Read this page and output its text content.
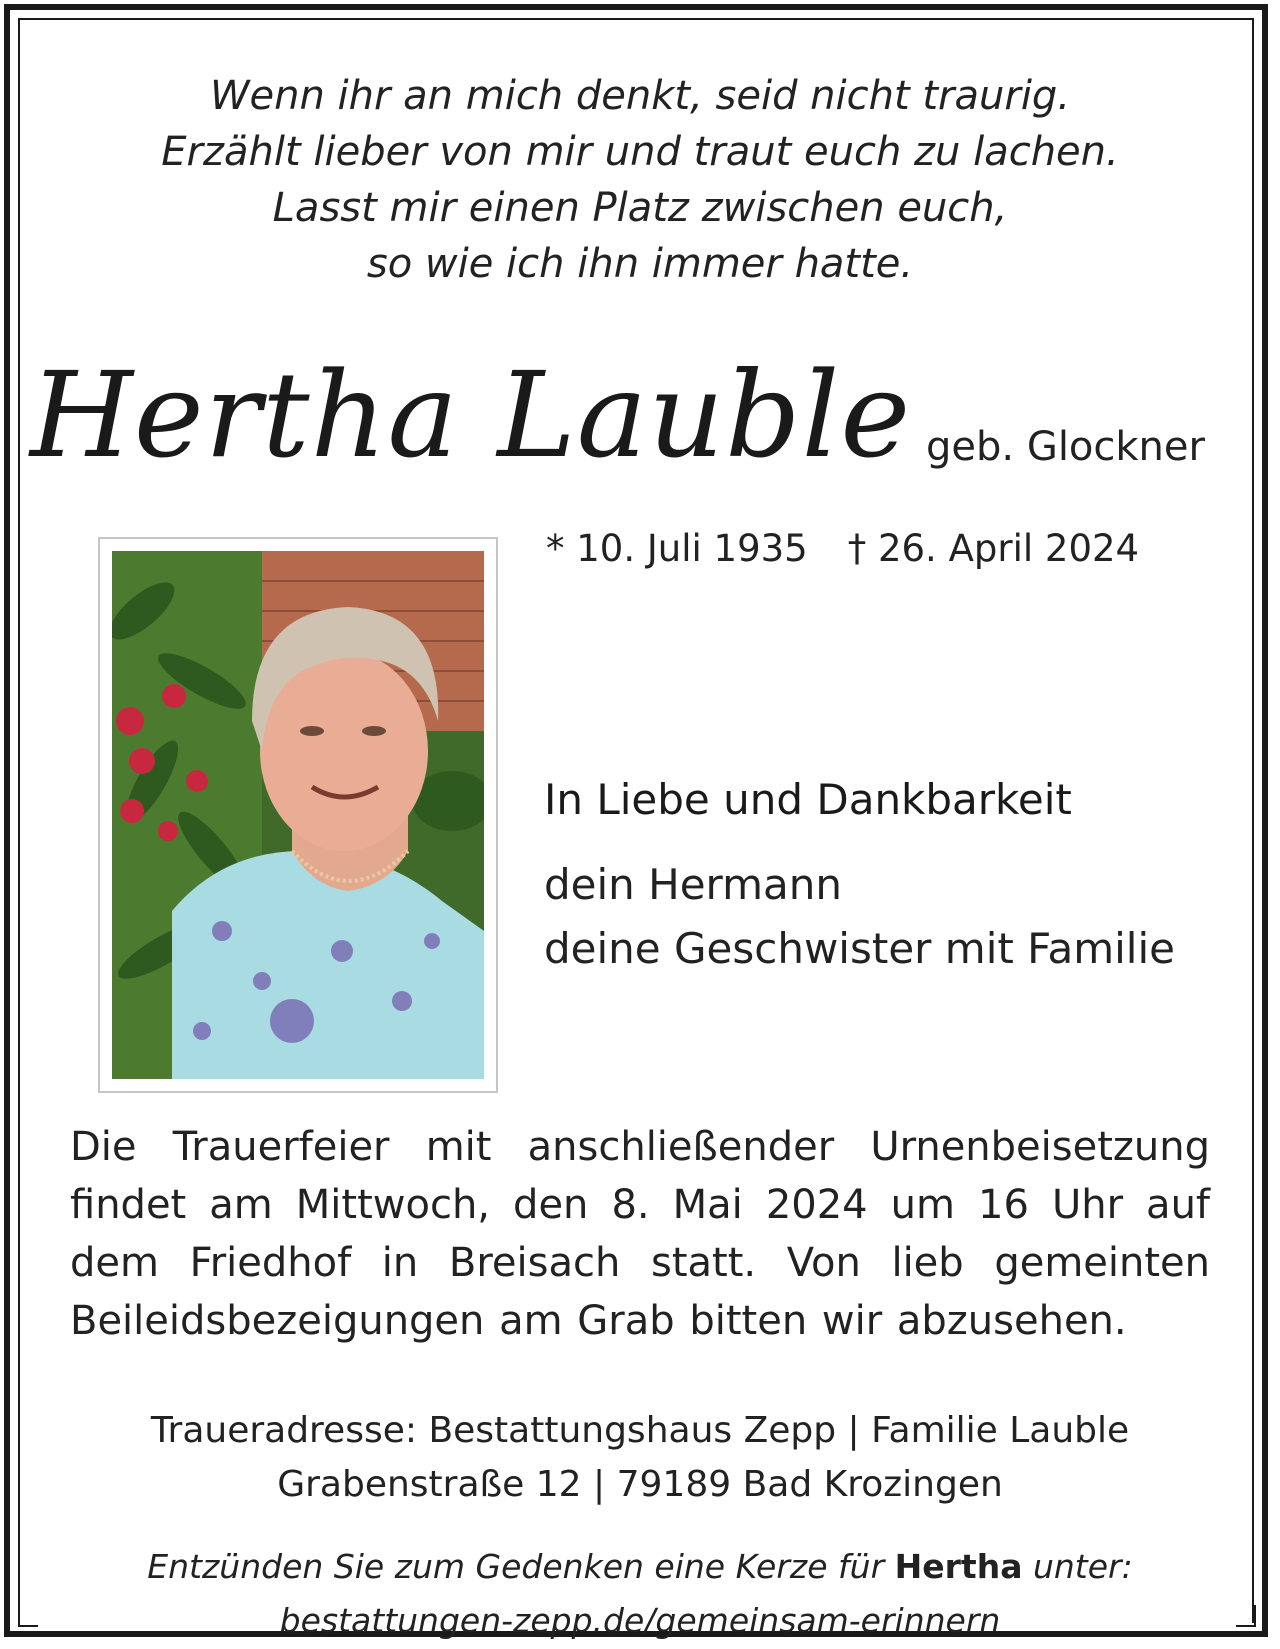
Wenn ihr an mich denkt, seid nicht traurig.
Erzählt lieber von mir und traut euch zu lachen.
Lasst mir einen Platz zwischen euch,
so wie ich ihn immer hatte.
Hertha Lauble geb. Glockner
* 10. Juli 1935 † 26. April 2024
In Liebe und Dankbarkeit
dein Hermann
deine Geschwister mit Familie
Die Trauerfeier mit anschließender Urnenbeisetzung findet am Mittwoch, den 8. Mai 2024 um 16 Uhr auf dem Friedhof in Breisach statt. Von lieb gemeinten Beileidsbezeigungen am Grab bitten wir abzusehen.
Traueradresse: Bestattungshaus Zepp | Familie Lauble
Grabenstraße 12 | 79189 Bad Krozingen
Entzünden Sie zum Gedenken eine Kerze für Hertha unter:
bestattungen-zepp.de/gemeinsam-erinnern
